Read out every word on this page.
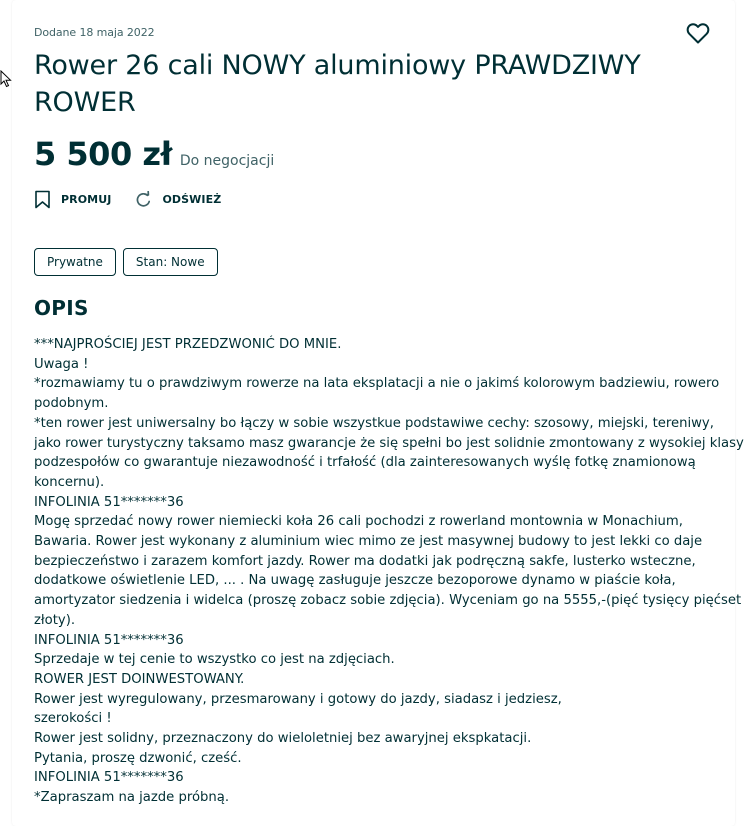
Dodane 18 maja 2022
Rower 26 cali NOWY aluminiowy PRAWDZIWY ROWER
5 500 zł Do negocjacji
PROMUJ	ODŚWIEŻ
Prywatne	Stan: Nowe
OPIS
***NAJPROŚCIEJ JEST PRZEDZWONIĆ DO MNIE.
Uwaga !
*rozmawiamy tu o prawdziwym rowerze na lata eksplatacji a nie o jakimś kolorowym badziewiu, rowero
podobnym.
*ten rower jest uniwersalny bo łączy w sobie wszystkue podstawiwe cechy: szosowy, miejski, tereniwy,
jako rower turystyczny taksamo masz gwarancje że się spełni bo jest solidnie zmontowany z wysokiej klasy
podzespołów co gwarantuje niezawodność i trfałość (dla zainteresowanych wyślę fotkę znamionową
koncernu).
INFOLINIA 51*******36
Mogę sprzedać nowy rower niemiecki koła 26 cali pochodzi z rowerland montownia w Monachium,
Bawaria. Rower jest wykonany z aluminium wiec mimo ze jest masywnej budowy to jest lekki co daje
bezpieczeństwo i zarazem komfort jazdy. Rower ma dodatki jak podręczną sakfe, lusterko wsteczne,
dodatkowe oświetlenie LED, ... . Na uwagę zasługuje jeszcze bezoporowe dynamo w piaście koła,
amortyzator siedzenia i widelca (proszę zobacz sobie zdjęcia). Wyceniam go na 5555,-(pięć tysięcy pięćset
złoty).
INFOLINIA 51*******36
Sprzedaje w tej cenie to wszystko co jest na zdjęciach.
ROWER JEST DOINWESTOWANY.
Rower jest wyregulowany, przesmarowany i gotowy do jazdy, siadasz i jedziesz,
szerokości !
Rower jest solidny, przeznaczony do wieloletniej bez awaryjnej ekspkatacji.
Pytania, proszę dzwonić, cześć.
INFOLINIA 51*******36
*Zapraszam na jazde próbną.
